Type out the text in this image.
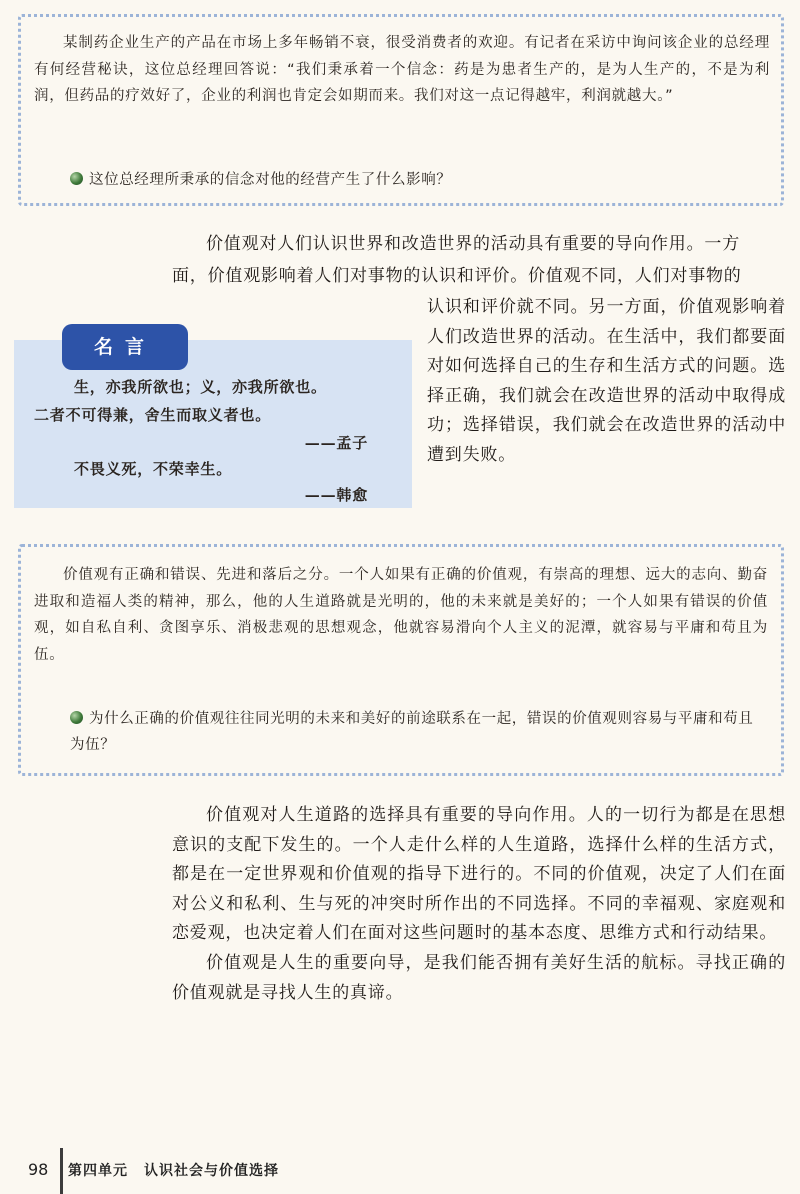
某制药企业生产的产品在市场上多年畅销不衰，很受消费者的欢迎。有记者在采访中询问该企业的总经理有何经营秘诀，这位总经理回答说：“我们秉承着一个信念：药是为患者生产的，是为人生产的，不是为利润，但药品的疗效好了，企业的利润也肯定会如期而来。我们对这一点记得越牢，利润就越大。”

这位总经理所秉承的信念对他的经营产生了什么影响？
价值观对人们认识世界和改造世界的活动具有重要的导向作用。一方
面，价值观影响着人们对事物的认识和评价。价值观不同，人们对事物的

认识和评价就不同。另一方面，价值观影响着人们改造世界的活动。在生活中，我们都要面对如何选择自己的生存和生活方式的问题。选择正确，我们就会在改造世界的活动中取得成功；选择错误，我们就会在改造世界的活动中遭到失败。

名言
生，亦我所欲也；义，亦我所欲也。
二者不可得兼，舍生而取义者也。
——孟子
不畏义死，不荣幸生。
——韩愈

价值观有正确和错误、先进和落后之分。一个人如果有正确的价值观，有崇高的理想、远大的志向、勤奋进取和造福人类的精神，那么，他的人生道路就是光明的，他的未来就是美好的；一个人如果有错误的价值观，如自私自利、贪图享乐、消极悲观的思想观念，他就容易滑向个人主义的泥潭，就容易与平庸和苟且为伍。

为什么正确的价值观往往同光明的未来和美好的前途联系在一起，错误的价值观则容易与平庸和苟且为伍？

价值观对人生道路的选择具有重要的导向作用。人的一切行为都是在思想意识的支配下发生的。一个人走什么样的人生道路，选择什么样的生活方式，都是在一定世界观和价值观的指导下进行的。不同的价值观，决定了人们在面对公义和私利、生与死的冲突时所作出的不同选择。不同的幸福观、家庭观和恋爱观，也决定着人们在面对这些问题时的基本态度、思维方式和行动结果。

价值观是人生的重要向导，是我们能否拥有美好生活的航标。寻找正确的价值观就是寻找人生的真谛。

98 第四单元 认识社会与价值选择
